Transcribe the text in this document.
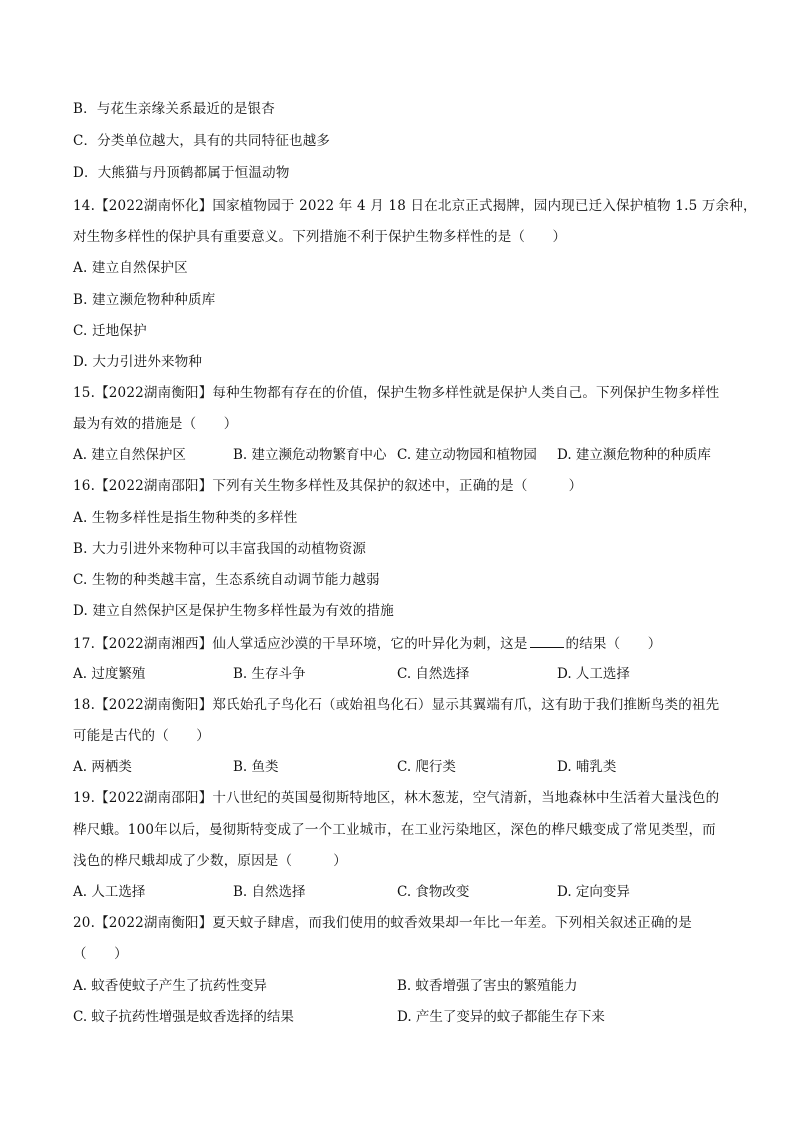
B．与花生亲缘关系最近的是银杏
C．分类单位越大，具有的共同特征也越多
D．大熊猫与丹顶鹤都属于恒温动物
14.【2022湖南怀化】国家植物园于 2022 年 4 月 18 日在北京正式揭牌，园内现已迁入保护植物 1.5 万余种，
对生物多样性的保护具有重要意义。下列措施不利于保护生物多样性的是（　　）
A. 建立自然保护区
B. 建立濒危物种种质库
C. 迁地保护
D. 大力引进外来物种
15.【2022湖南衡阳】每种生物都有存在的价值，保护生物多样性就是保护人类自己。下列保护生物多样性
最为有效的措施是（　　）
A. 建立自然保护区	B. 建立濒危动物繁育中心 C. 建立动物园和植物园 D. 建立濒危物种的种质库
16.【2022湖南邵阳】下列有关生物多样性及其保护的叙述中，正确的是（　　　）
A. 生物多样性是指生物种类的多样性
B. 大力引进外来物种可以丰富我国的动植物资源
C. 生物的种类越丰富，生态系统自动调节能力越弱
D. 建立自然保护区是保护生物多样性最为有效的措施
17.【2022湖南湘西】仙人掌适应沙漠的干旱环境，它的叶异化为刺，这是	的结果（　　）
A. 过度繁殖	B. 生存斗争	C. 自然选择	D. 人工选择
18.【2022湖南衡阳】郑氏始孔子鸟化石（或始祖鸟化石）显示其翼端有爪，这有助于我们推断鸟类的祖先
可能是古代的（　　）
A. 两栖类	B. 鱼类	C. 爬行类	D. 哺乳类
19.【2022湖南邵阳】十八世纪的英国曼彻斯特地区，林木葱茏，空气清新，当地森林中生活着大量浅色的
桦尺蛾。100年以后，曼彻斯特变成了一个工业城市，在工业污染地区，深色的桦尺蛾变成了常见类型，而
浅色的桦尺蛾却成了少数，原因是（　　　）
A. 人工选择	B. 自然选择	C. 食物改变	D. 定向变异
20.【2022湖南衡阳】夏天蚊子肆虐，而我们使用的蚊香效果却一年比一年差。下列相关叙述正确的是
（　　）
A. 蚊香使蚊子产生了抗药性变异	B. 蚊香增强了害虫的繁殖能力
C. 蚊子抗药性增强是蚊香选择的结果	D. 产生了变异的蚊子都能生存下来
